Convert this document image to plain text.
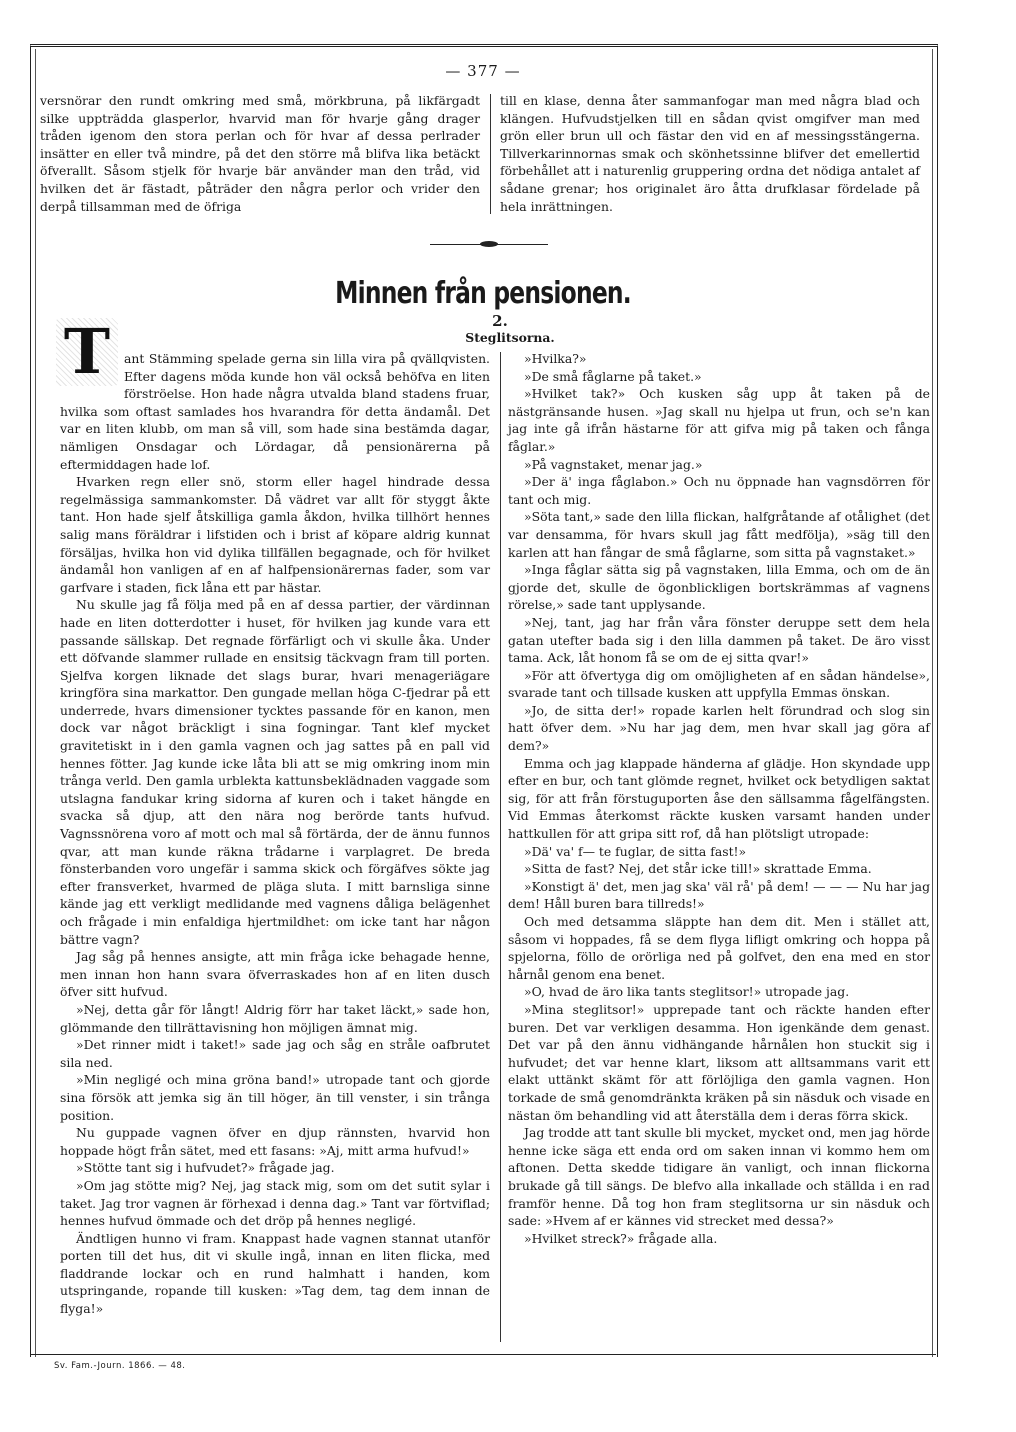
— 377 —

versnörar den rundt omkring med små, mörkbruna, på likfärgadt silke uppträdda glasperlor, hvarvid man för hvarje gång drager tråden igenom den stora perlan och för hvar af dessa perlrader insätter en eller två mindre, på det den större må blifva lika betäckt öfverallt. Såsom stjelk för hvarje bär använder man den tråd, vid hvilken det är fästadt, påträder den några perlor och vrider den derpå tillsamman med de öfriga

till en klase, denna åter sammanfogar man med några blad och klängen. Hufvudstjelken till en sådan qvist omgifver man med grön eller brun ull och fästar den vid en af messingsstängerna. Tillverkarinnornas smak och skönhetssinne blifver det emellertid förbehållet att i naturenlig gruppering ordna det nödiga antalet af sådane grenar; hos originalet äro åtta drufklasar fördelade på hela inrättningen.

Minnen från pensionen.
2.
Steglitsorna.

T	ant Stämming spelade gerna sin lilla vira på qvällqvisten. Efter dagens möda kunde hon väl också behöfva en liten förströelse. Hon hade några utvalda bland stadens fruar, hvilka som oftast samlades hos hvarandra för detta ändamål. Det var en liten klubb, om man så vill, som hade sina bestämda dagar, nämligen Onsdagar och Lördagar, då pensionärerna på eftermiddagen hade lof.

Hvarken regn eller snö, storm eller hagel hindrade dessa regelmässiga sammankomster. Då vädret var allt för styggt åkte tant. Hon hade sjelf åtskilliga gamla åkdon, hvilka tillhört hennes salig mans föräldrar i lifstiden och i brist af köpare aldrig kunnat försäljas, hvilka hon vid dylika tillfällen begagnade, och för hvilket ändamål hon vanligen af en af halfpensionärernas fader, som var garfvare i staden, fick låna ett par hästar.

Nu skulle jag få följa med på en af dessa partier, der värdinnan hade en liten dotterdotter i huset, för hvilken jag kunde vara ett passande sällskap. Det regnade förfärligt och vi skulle åka. Under ett döfvande slammer rullade en ensitsig täckvagn fram till porten. Sjelfva korgen liknade det slags burar, hvari menageriägare kringföra sina markattor. Den gungade mellan höga C-fjedrar på ett underrede, hvars dimensioner tycktes passande för en kanon, men dock var något bräckligt i sina fogningar. Tant klef mycket gravitetiskt in i den gamla vagnen och jag sattes på en pall vid hennes fötter. Jag kunde icke låta bli att se mig omkring inom min trånga verld. Den gamla urblekta kattunsbeklädnaden vaggade som utslagna fandukar kring sidorna af kuren och i taket hängde en svacka så djup, att den nära nog berörde tants hufvud. Vagnssnörena voro af mott och mal så förtärda, der de ännu funnos qvar, att man kunde räkna trådarne i varplagret. De breda fönsterbanden voro ungefär i samma skick och förgäfves sökte jag efter fransverket, hvarmed de pläga sluta. I mitt barnsliga sinne kände jag ett verkligt medlidande med vagnens dåliga belägenhet och frågade i min enfaldiga hjertmildhet: om icke tant har någon bättre vagn?

Jag såg på hennes ansigte, att min fråga icke behagade henne, men innan hon hann svara öfverraskades hon af en liten dusch öfver sitt hufvud.

»Nej, detta går för långt! Aldrig förr har taket läckt,» sade hon, glömmande den tillrättavisning hon möjligen ämnat mig.

»Det rinner midt i taket!» sade jag och såg en stråle oafbrutet sila ned.

»Min negligé och mina gröna band!» utropade tant och gjorde sina försök att jemka sig än till höger, än till venster, i sin trånga position.

Nu guppade vagnen öfver en djup rännsten, hvarvid hon hoppade högt från sätet, med ett fasans: »Aj, mitt arma hufvud!»

»Stötte tant sig i hufvudet?» frågade jag.

»Om jag stötte mig? Nej, jag stack mig, som om det sutit sylar i taket. Jag tror vagnen är förhexad i denna dag.» Tant var förtviflad; hennes hufvud ömmade och det dröp på hennes negligé.

Ändtligen hunno vi fram. Knappast hade vagnen stannat utanför porten till det hus, dit vi skulle ingå, innan en liten flicka, med fladdrande lockar och en rund halmhatt i handen, kom utspringande, ropande till kusken: »Tag dem, tag dem innan de flyga!»

»Hvilka?»

»De små fåglarne på taket.»

»Hvilket tak?» Och kusken såg upp åt taken på de nästgränsande husen. »Jag skall nu hjelpa ut frun, och se'n kan jag inte gå ifrån hästarne för att gifva mig på taken och fånga fåglar.»

»På vagnstaket, menar jag.»

»Der ä' inga fåglabon.» Och nu öppnade han vagnsdörren för tant och mig.

»Söta tant,» sade den lilla flickan, halfgråtande af otålighet (det var densamma, för hvars skull jag fått medfölja), »säg till den karlen att han fångar de små fåglarne, som sitta på vagnstaket.»

»Inga fåglar sätta sig på vagnstaken, lilla Emma, och om de än gjorde det, skulle de ögonblickligen bortskrämmas af vagnens rörelse,» sade tant upplysande.

»Nej, tant, jag har från våra fönster deruppe sett dem hela gatan utefter bada sig i den lilla dammen på taket. De äro visst tama. Ack, låt honom få se om de ej sitta qvar!»

»För att öfvertyga dig om omöjligheten af en sådan händelse», svarade tant och tillsade kusken att uppfylla Emmas önskan.

»Jo, de sitta der!» ropade karlen helt förundrad och slog sin hatt öfver dem. »Nu har jag dem, men hvar skall jag göra af dem?»

Emma och jag klappade händerna af glädje. Hon skyndade upp efter en bur, och tant glömde regnet, hvilket ock betydligen saktat sig, för att från förstuguporten åse den sällsamma fågelfängsten. Vid Emmas återkomst räckte kusken varsamt handen under hattkullen för att gripa sitt rof, då han plötsligt utropade:

»Dä' va' f— te fuglar, de sitta fast!»

»Sitta de fast? Nej, det står icke till!» skrattade Emma.

»Konstigt ä' det, men jag ska' väl rå' på dem! — — — Nu har jag dem! Håll buren bara tillreds!»

Och med detsamma släppte han dem dit. Men i stället att, såsom vi hoppades, få se dem flyga lifligt omkring och hoppa på spjelorna, föllo de orörliga ned på golfvet, den ena med en stor hårnål genom ena benet.

»O, hvad de äro lika tants steglitsor!» utropade jag.

»Mina steglitsor!» upprepade tant och räckte handen efter buren. Det var verkligen desamma. Hon igenkände dem genast. Det var på den ännu vidhängande hårnålen hon stuckit sig i hufvudet; det var henne klart, liksom att alltsammans varit ett elakt uttänkt skämt för att förlöjliga den gamla vagnen. Hon torkade de små genomdränkta kräken på sin näsduk och visade en nästan öm behandling vid att återställa dem i deras förra skick.

Jag trodde att tant skulle bli mycket, mycket ond, men jag hörde henne icke säga ett enda ord om saken innan vi kommo hem om aftonen. Detta skedde tidigare än vanligt, och innan flickorna brukade gå till sängs. De blefvo alla inkallade och ställda i en rad framför henne. Då tog hon fram steglitsorna ur sin näsduk och sade: »Hvem af er kännes vid strecket med dessa?»

»Hvilket streck?» frågade alla.

Sv. Fam.-Journ. 1866. — 48.
